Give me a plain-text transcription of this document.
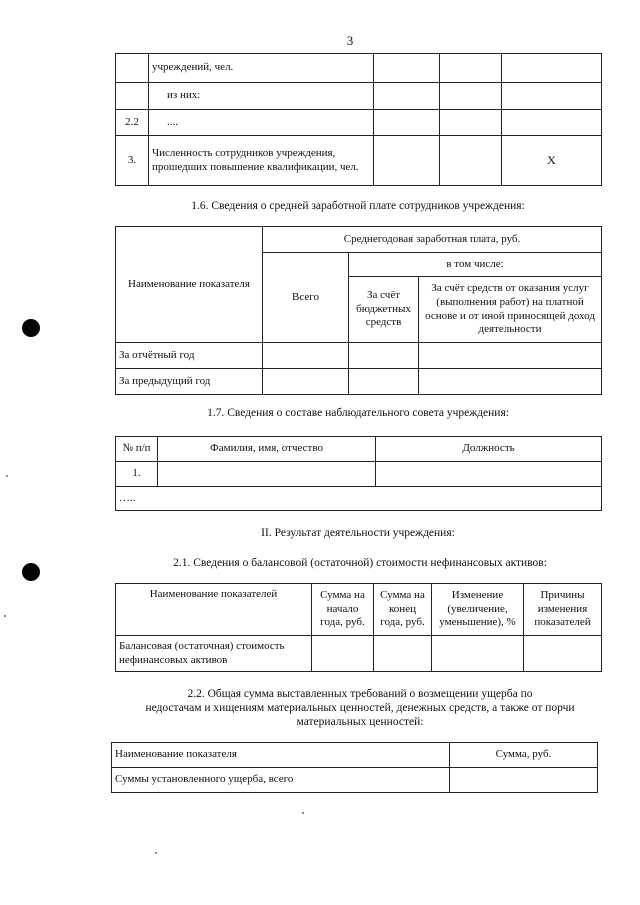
3
	учреждений, чел.			
	из них:			
2.2	....			
3.	Численность сотрудников учреждения, прошедших повышение квалификации, чел.			X
1.6. Сведения о средней заработной плате сотрудников учреждения:
Наименование показателя	Среднегодовая заработная плата, руб.		
	Всего	в том числе:	
		За счёт бюджетных средств	За счёт средств от оказания услуг (выполнения работ) на платной основе и от иной приносящей доход деятельности
За отчётный год			
За предыдущий год			
1.7. Сведения о составе наблюдательного совета учреждения:
№ п/п	Фамилия, имя, отчество	Должность
1.		
…..		
II. Результат деятельности учреждения:
2.1. Сведения о балансовой (остаточной) стоимости нефинансовых активов:
Наименование показателей	Сумма на начало года, руб.	Сумма на конец года, руб.	Изменение (увеличение, уменьшение), %	Причины изменения показателей
Балансовая (остаточная) стоимость нефинансовых активов				
2.2. Общая сумма выставленных требований о возмещении ущерба по
недостачам и хищениям материальных ценностей, денежных средств, а также от порчи
материальных ценностей:
Наименование показателя	Сумма, руб.
Суммы установленного ущерба, всего	
